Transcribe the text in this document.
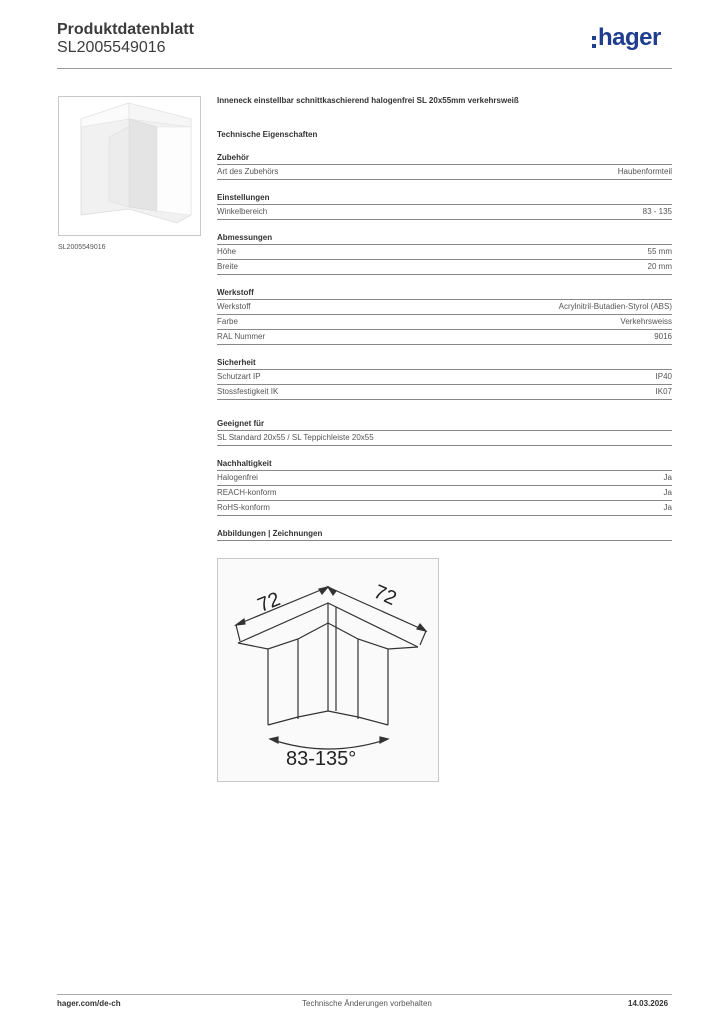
Produktdatenblatt
SL2005549016	hager
SL2005549016
Inneneck einstellbar schnittkaschierend halogenfrei SL 20x55mm verkehrsweiß
Technische Eigenschaften
Zubehör
Art des Zubehörs	Haubenformteil
Einstellungen
Winkelbereich	83 - 135
Abmessungen
Höhe	55 mm
Breite	20 mm
Werkstoff
Werkstoff	Acrylnitril-Butadien-Styrol (ABS)
Farbe	Verkehrsweiss
RAL Nummer	9016
Sicherheit
Schutzart IP	IP40
Stossfestigkeit IK	IK07
Geeignet für
SL Standard 20x55 / SL Teppichleiste 20x55
Nachhaltigkeit
Halogenfrei	Ja
REACH-konform	Ja
RoHS-konform	Ja
Abbildungen | Zeichnungen
72	72
83-135°
hager.com/de-ch	Technische Änderungen vorbehalten	14.03.2026
